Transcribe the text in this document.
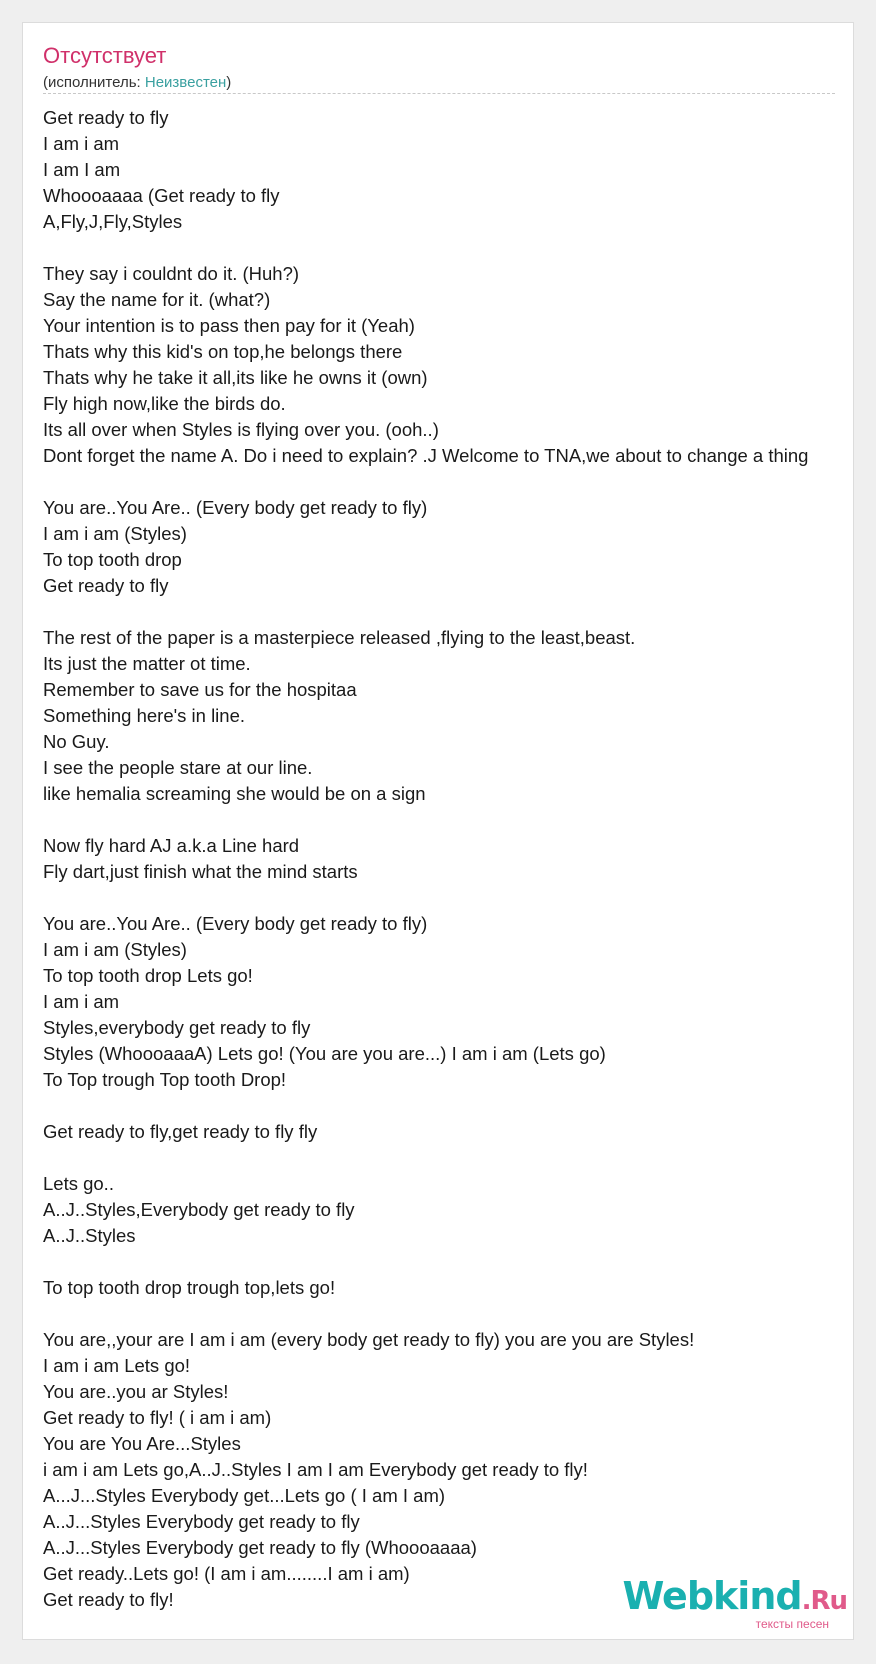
Отсутствует
(исполнитель: Неизвестен)
Get ready to fly
I am i am
I am I am
Whoooaaaa (Get ready to fly
A,Fly,J,Fly,Styles
They say i couldnt do it. (Huh?)
Say the name for it. (what?)
Your intention is to pass then pay for it (Yeah)
Thats why this kid's on top,he belongs there
Thats why he take it all,its like he owns it (own)
Fly high now,like the birds do.
Its all over when Styles is flying over you. (ooh..)
Dont forget the name A. Do i need to explain? .J Welcome to TNA,we about to change a thing
You are..You Are.. (Every body get ready to fly)
I am i am (Styles)
To top tooth drop
Get ready to fly
The rest of the paper is a masterpiece released ,flying to the least,beast.
Its just the matter ot time.
Remember to save us for the hospitaa
Something here's in line.
No Guy.
I see the people stare at our line.
like hemalia screaming she would be on a sign
Now fly hard AJ a.k.a Line hard
Fly dart,just finish what the mind starts
You are..You Are.. (Every body get ready to fly)
I am i am (Styles)
To top tooth drop Lets go!
I am i am
Styles,everybody get ready to fly
Styles (WhoooaaaA) Lets go! (You are you are...) I am i am (Lets go)
To Top trough Top tooth Drop!
Get ready to fly,get ready to fly fly
Lets go..
A..J..Styles,Everybody get ready to fly
A..J..Styles
To top tooth drop trough top,lets go!
You are,,your are I am i am (every body get ready to fly) you are you are Styles!
I am i am Lets go!
You are..you ar Styles!
Get ready to fly! ( i am i am)
You are You Are...Styles
i am i am Lets go,A..J..Styles I am I am Everybody get ready to fly!
A...J...Styles Everybody get...Lets go ( I am I am)
A..J...Styles Everybody get ready to fly
A..J...Styles Everybody get ready to fly (Whoooaaaa)
Get ready..Lets go! (I am i am........I am i am)
Get ready to fly!	Webkind.Ru
тексты песен
